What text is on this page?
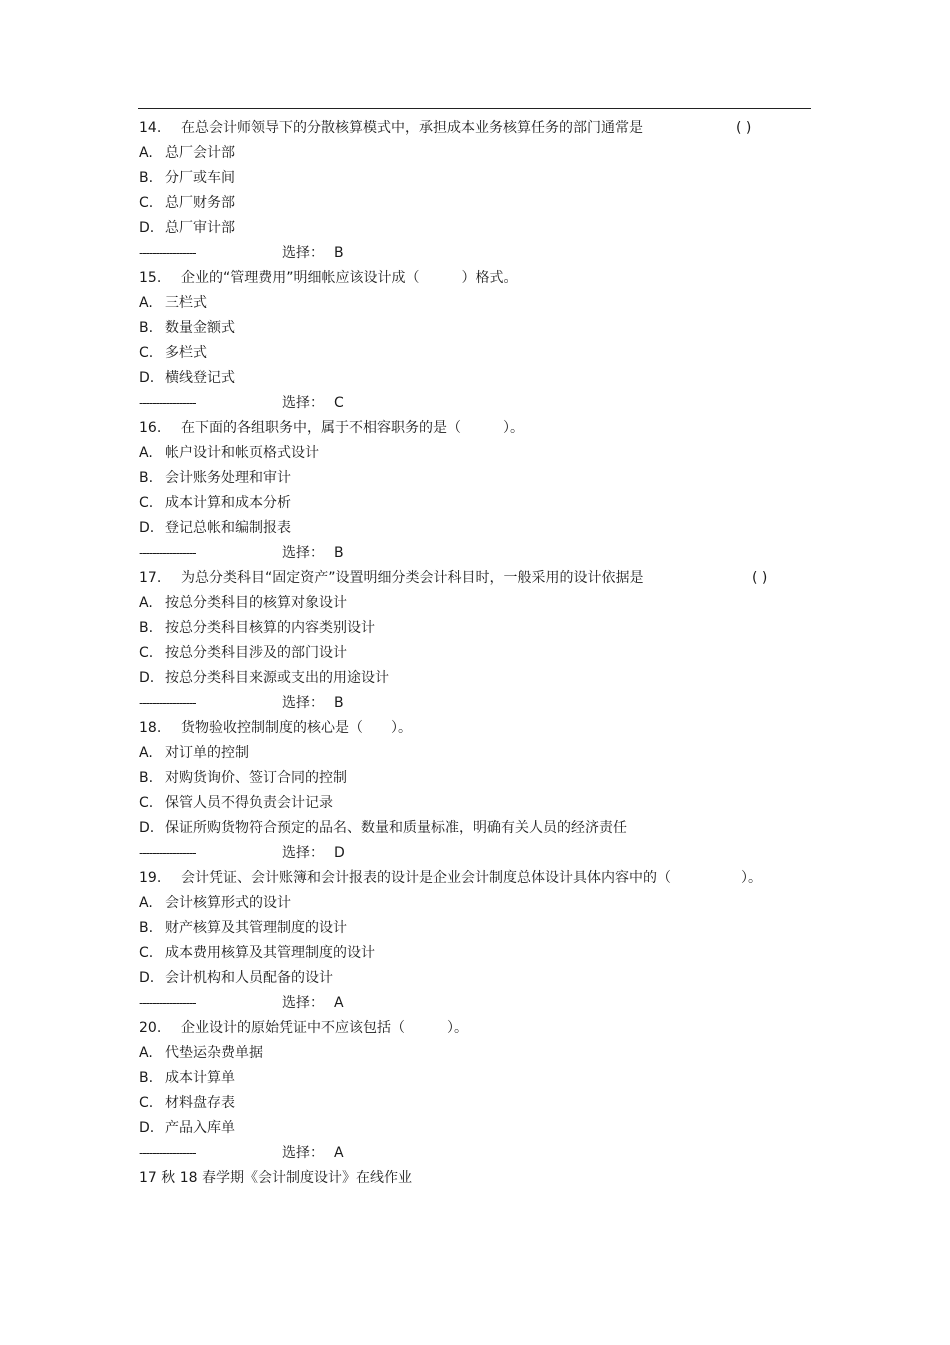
14. 在总会计师领导下的分散核算模式中，承担成本业务核算任务的部门通常是	( )
A. 总厂会计部
B. 分厂或车间
C. 总厂财务部
D. 总厂审计部
-----------------	选择： B
15. 企业的“管理费用”明细帐应该设计成（　　　）格式。
A. 三栏式
B. 数量金额式
C. 多栏式
D. 横线登记式
-----------------	选择： C
16. 在下面的各组职务中，属于不相容职务的是（　　　）。
A. 帐户设计和帐页格式设计
B. 会计账务处理和审计
C. 成本计算和成本分析
D. 登记总帐和编制报表
-----------------	选择： B
17. 为总分类科目“固定资产”设置明细分类会计科目时，一般采用的设计依据是	( )
A. 按总分类科目的核算对象设计
B. 按总分类科目核算的内容类别设计
C. 按总分类科目涉及的部门设计
D. 按总分类科目来源或支出的用途设计
-----------------	选择： B
18. 货物验收控制制度的核心是（　　）。
A. 对订单的控制
B. 对购货询价、签订合同的控制
C. 保管人员不得负责会计记录
D. 保证所购货物符合预定的品名、数量和质量标准，明确有关人员的经济责任
-----------------	选择： D
19. 会计凭证、会计账簿和会计报表的设计是企业会计制度总体设计具体内容中的（　　　　　）。
A. 会计核算形式的设计
B. 财产核算及其管理制度的设计
C. 成本费用核算及其管理制度的设计
D. 会计机构和人员配备的设计
-----------------	选择： A
20. 企业设计的原始凭证中不应该包括（　　　）。
A. 代垫运杂费单据
B. 成本计算单
C. 材料盘存表
D. 产品入库单
-----------------	选择： A
17 秋 18 春学期《会计制度设计》在线作业
